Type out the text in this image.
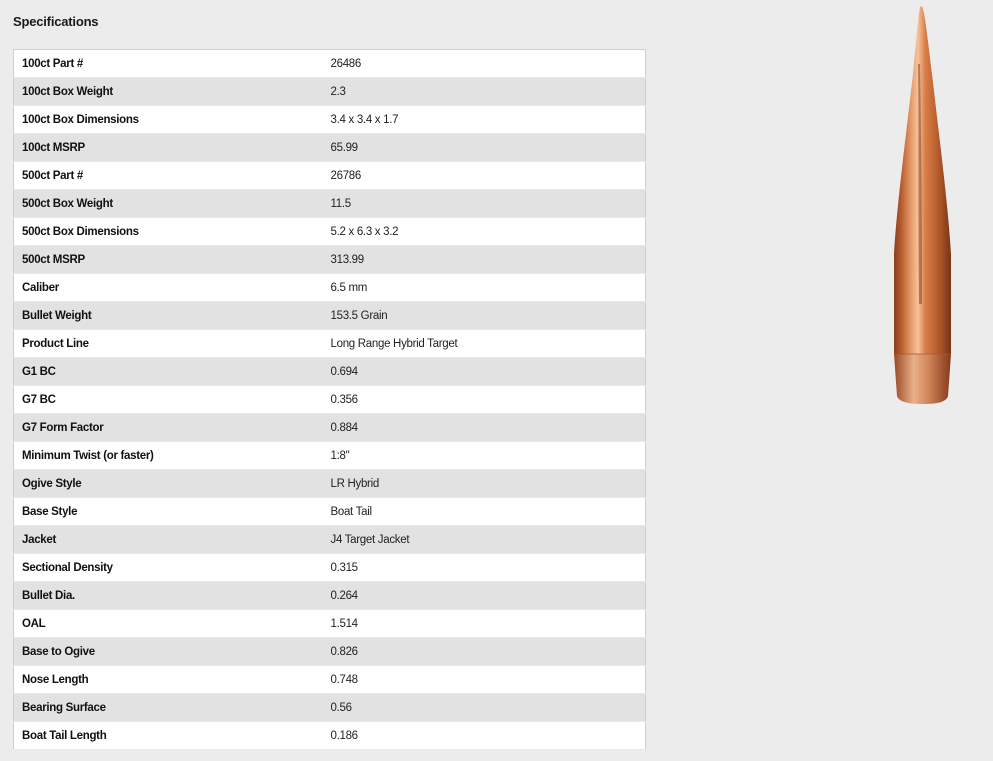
Specifications
100ct Part #	26486
100ct Box Weight	2.3
100ct Box Dimensions	3.4 x 3.4 x 1.7
100ct MSRP	65.99
500ct Part #	26786
500ct Box Weight	11.5
500ct Box Dimensions	5.2 x 6.3 x 3.2
500ct MSRP	313.99
Caliber	6.5 mm
Bullet Weight	153.5 Grain
Product Line	Long Range Hybrid Target
G1 BC	0.694
G7 BC	0.356
G7 Form Factor	0.884
Minimum Twist (or faster)	1:8"
Ogive Style	LR Hybrid
Base Style	Boat Tail
Jacket	J4 Target Jacket
Sectional Density	0.315
Bullet Dia.	0.264
OAL	1.514
Base to Ogive	0.826
Nose Length	0.748
Bearing Surface	0.56
Boat Tail Length	0.186
